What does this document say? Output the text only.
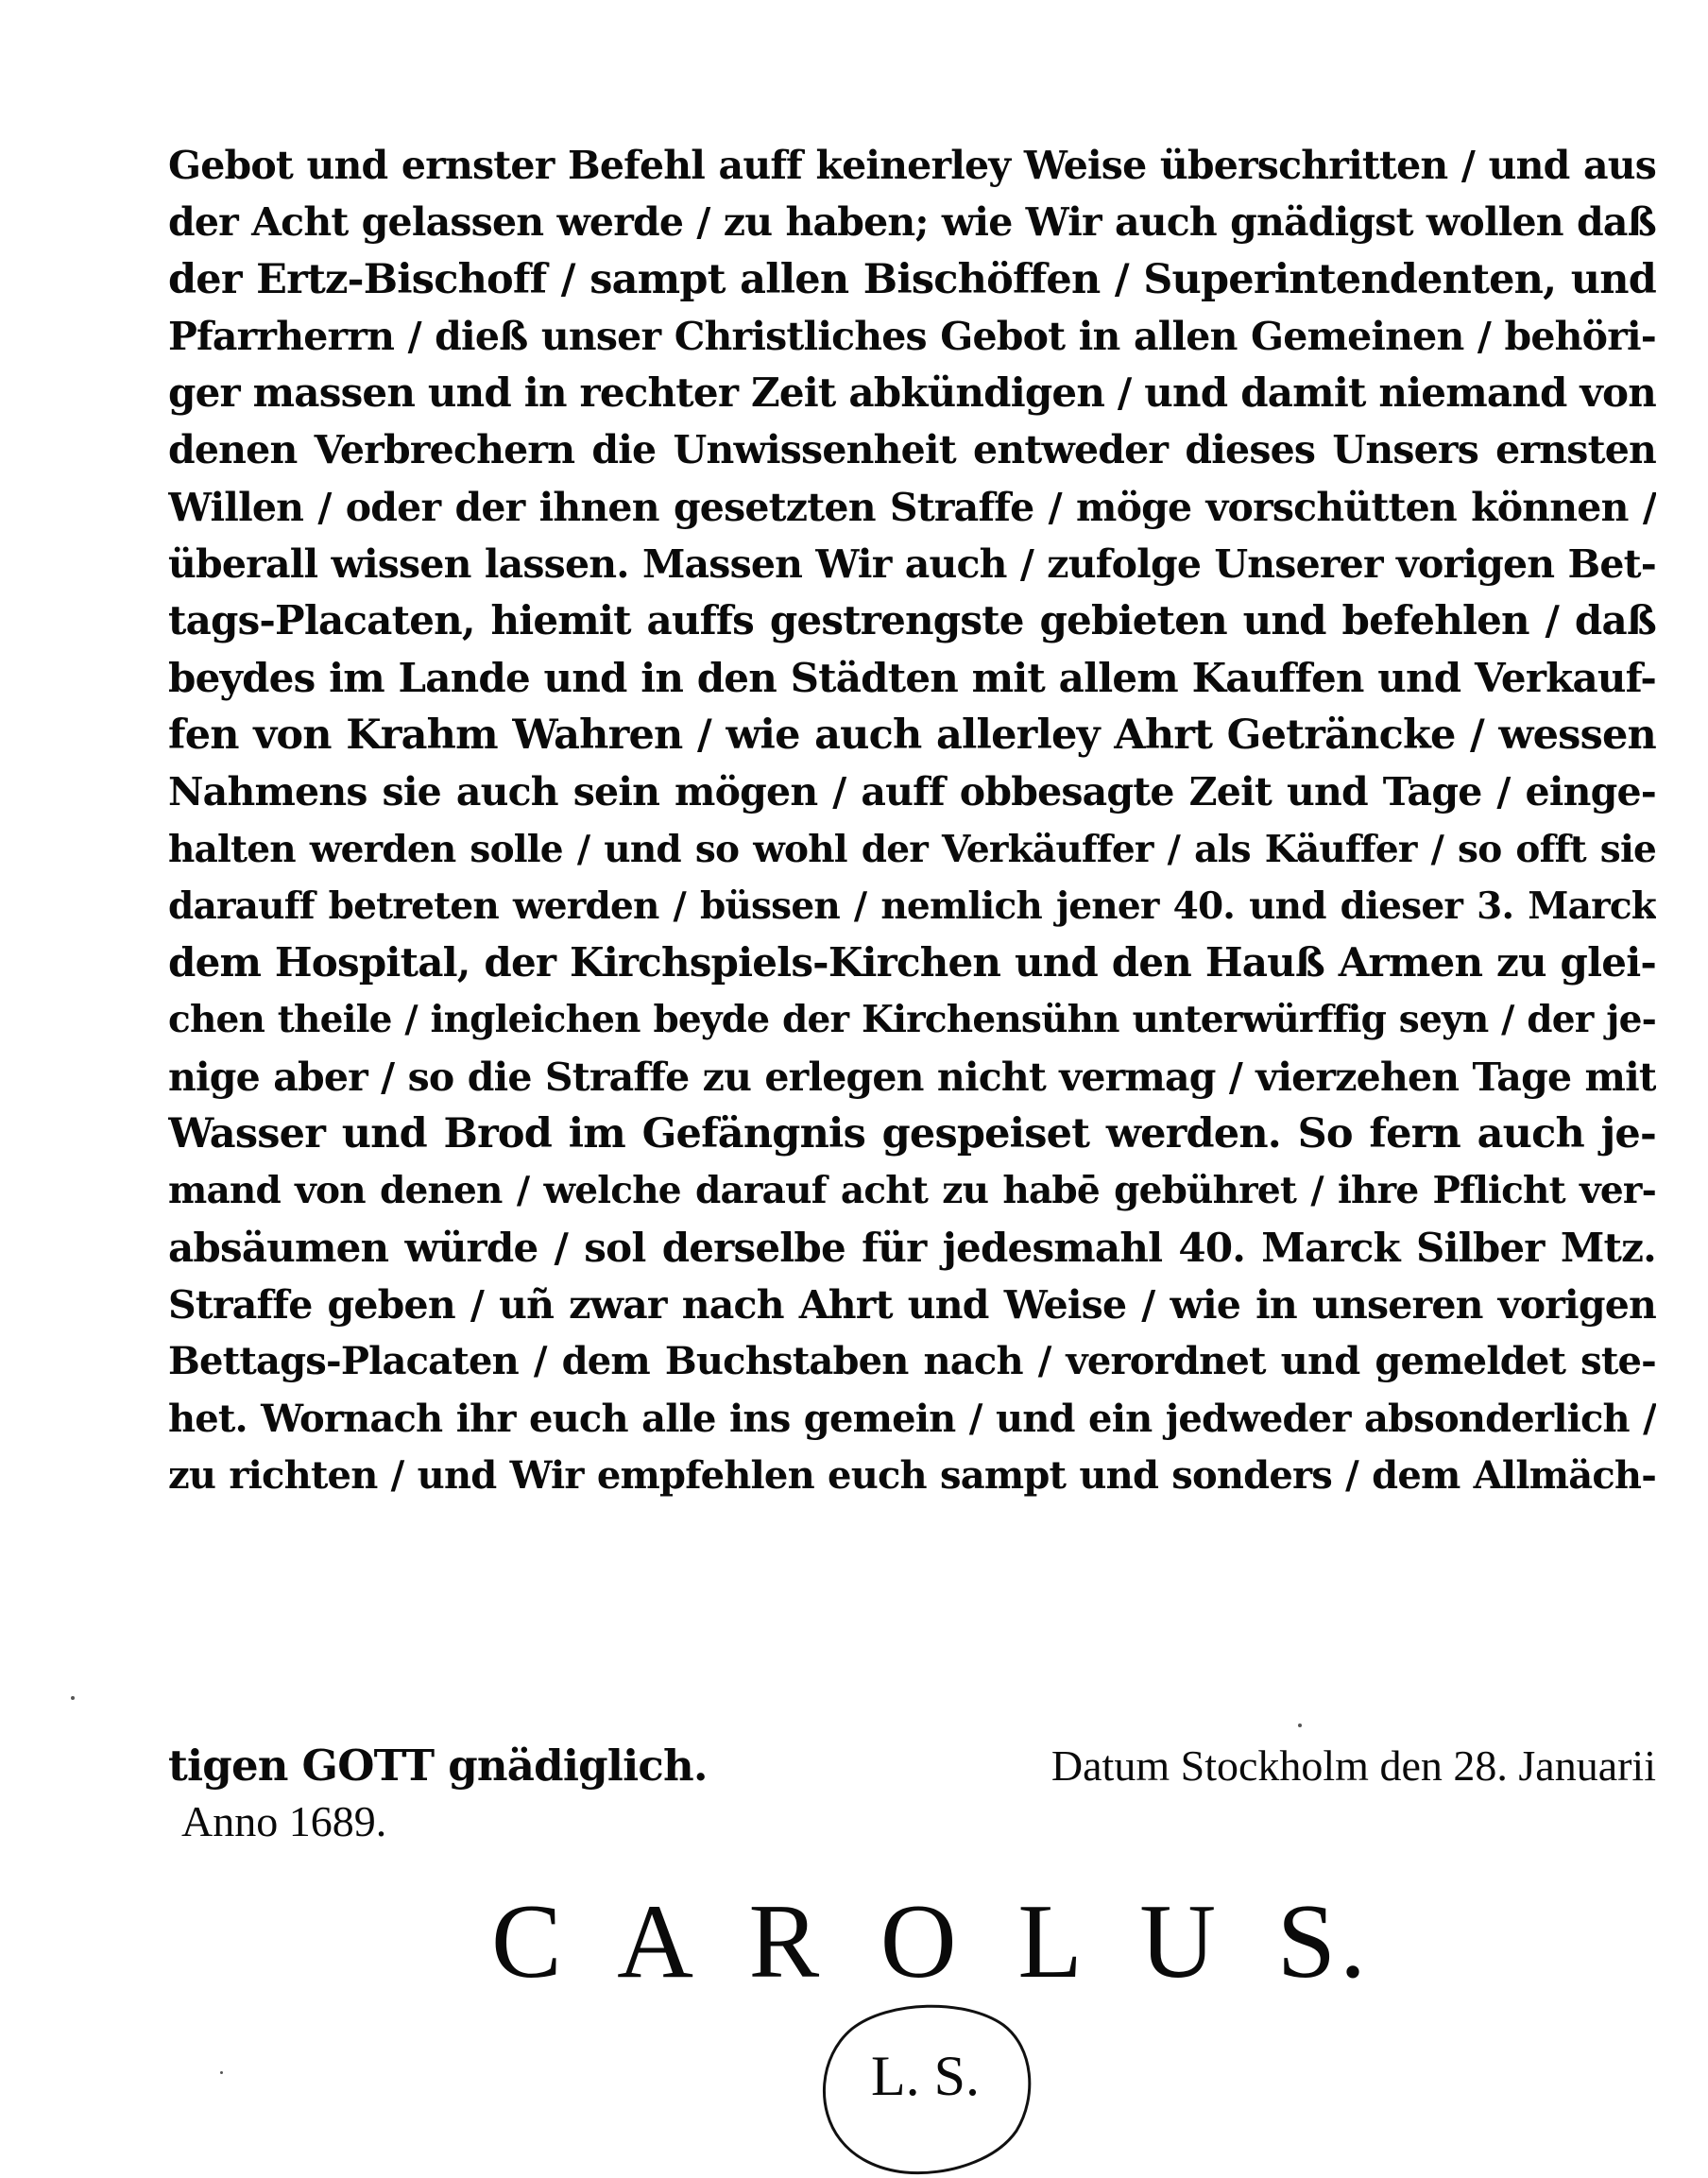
Gebot und ernster Befehl auff keinerley Weise überschritten / und aus
der Acht gelassen werde / zu haben; wie Wir auch gnädigst wollen daß
der Ertz-Bischoff / sampt allen Bischöffen / Superintendenten, und
Pfarrherrn / dieß unser Christliches Gebot in allen Gemeinen / behöri-
ger massen und in rechter Zeit abkündigen / und damit niemand von
denen Verbrechern die Unwissenheit entweder dieses Unsers ernsten
Willen / oder der ihnen gesetzten Straffe / möge vorschütten können /
überall wissen lassen. Massen Wir auch / zufolge Unserer vorigen Bet-
tags-Placaten, hiemit auffs gestrengste gebieten und befehlen / daß
beydes im Lande und in den Städten mit allem Kauffen und Verkauf-
fen von Krahm Wahren / wie auch allerley Ahrt Geträncke / wessen
Nahmens sie auch sein mögen / auff obbesagte Zeit und Tage / einge-
halten werden solle / und so wohl der Verkäuffer / als Käuffer / so offt sie
darauff betreten werden / büssen / nemlich jener 40. und dieser 3. Marck
dem Hospital, der Kirchspiels-Kirchen und den Hauß Armen zu glei-
chen theile / ingleichen beyde der Kirchensühn unterwürffig seyn / der je-
nige aber / so die Straffe zu erlegen nicht vermag / vierzehen Tage mit
Wasser und Brod im Gefängnis gespeiset werden. So fern auch je-
mand von denen / welche darauf acht zu habē gebühret / ihre Pflicht ver-
absäumen würde / sol derselbe für jedesmahl 40. Marck Silber Mtz.
Straffe geben / uñ zwar nach Ahrt und Weise / wie in unseren vorigen
Bettags-Placaten / dem Buchstaben nach / verordnet und gemeldet ste-
het. Wornach ihr euch alle ins gemein / und ein jedweder absonderlich /
zu richten / und Wir empfehlen euch sampt und sonders / dem Allmäch-
tigen GOTT gnädiglich.	Datum Stockholm den 28. Januarii
Anno 1689.
C A R O L U S.
L. S.
